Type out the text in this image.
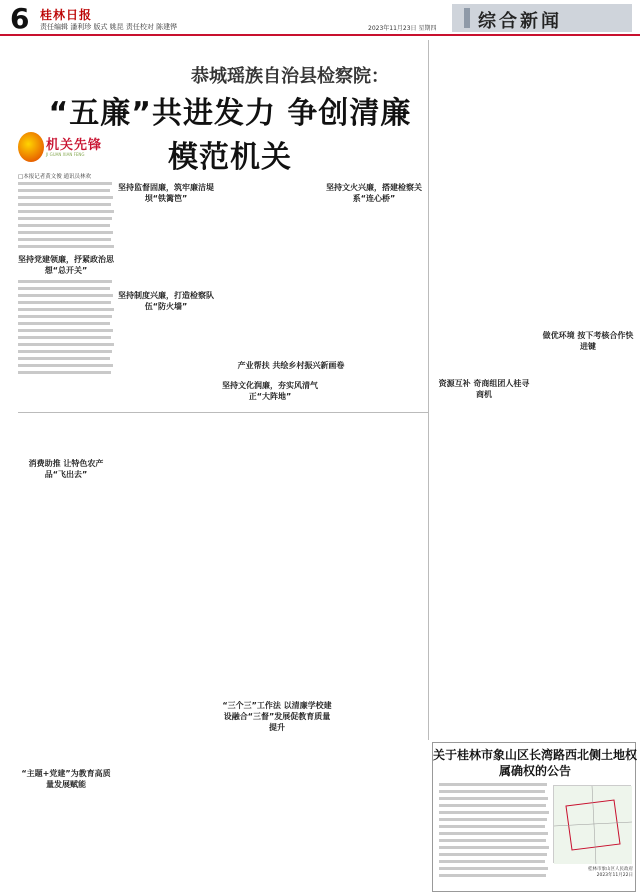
6 桂林日报
责任编辑 潘利珍 版式 姚昆 责任校对 陈建铧	2023年11月23日 星期四 综合新闻
恭城瑶族自治县检察院：
“五廉”共进发力 争创清廉模范机关
机关先锋
JI GUAN XIAN FENG
□本报记者黄文俊 通讯员林欢
坚持党建领廉，抒紧政治思想“总开关”
坚持监督固廉，筑牢廉洁堤坝“铁篱笆”
坚持制度兴廉，打造检察队伍“防火墙”
坚持文化润廉，夯实风清气正“大阵地”
坚持文火兴廉，搭建检察关系“连心桥”
消费助推 让特色农产品“飞出去”
产业帮扶 共绘乡村振兴新画卷
“三个三”工作法 以清廉学校建设融合“三督”发展促教育质量提升
“主题+党建”为教育高质量发展赋能
资源互补 奇商组团人桂寻商机
做优环境 按下考核合作快进键
关于桂林市象山区长湾路西北侧土地权属确权的公告
桂林市象山区人民政府
2023年11月22日
